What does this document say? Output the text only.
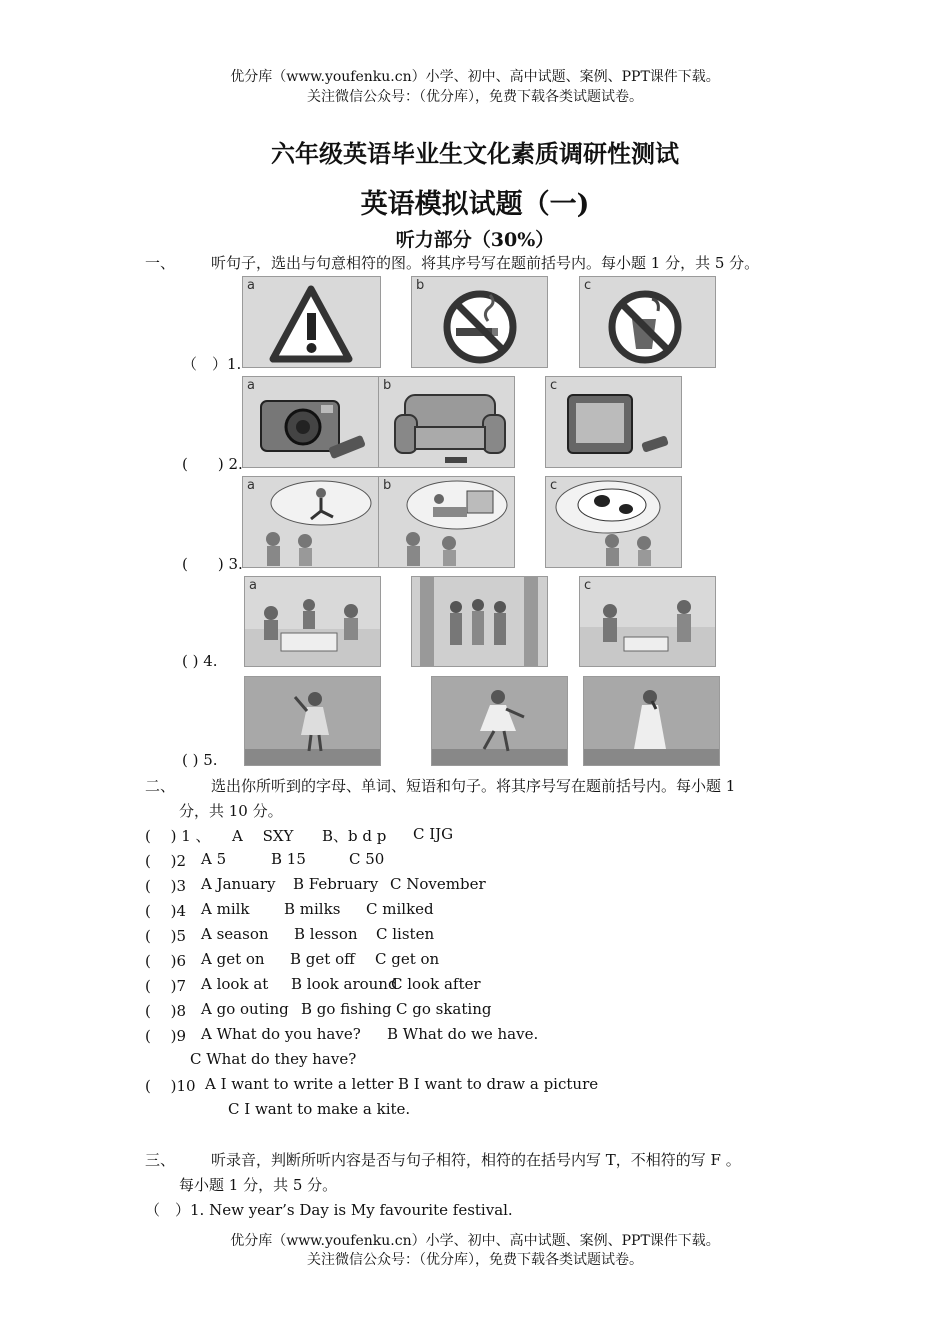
优分库（www.youfenku.cn）小学、初中、高中试题、案例、PPT课件下载。
关注微信公众号：（优分库），免费下载各类试题试卷。
六年级英语毕业生文化素质调研性测试
英语模拟试题（一)
听力部分（30%）
一、 听句子，选出与句意相符的图。将其序号写在题前括号内。每小题 1 分，共 5 分。
a	b	c
（　）1.
a	b	c
(　　) 2.
a	b	c
(　　) 3.
a	c
( ) 4.
( ) 5.
二、 选出你所听到的字母、单词、短语和句子。将其序号写在题前括号内。每小题 1
分，共 10 分。
(　 ) 1 、 A　 SXY B、b d p C IJG
(　 )2 A 5	B 15	C 50
(　 )3 A January B February C November
(　 )4 A milk B milks C milked
(　 )5 A season B lesson C listen
(　 )6 A get on B get off C get on
(　 )7 A look at B look around
C look after
(　 )8 A go outing B go fishing C go skating
(　 )9 A What do you have? B What do we have.
C What do they have?
(　 )10 A I want to write a letter B I want to draw a picture
C I want to make a kite.
三、 听录音，判断所听内容是否与句子相符，相符的在括号内写 T，不相符的写 F 。
每小题 1 分，共 5 分。
（　）1. New year’s Day is My favourite festival.
优分库（www.youfenku.cn）小学、初中、高中试题、案例、PPT课件下载。
关注微信公众号：（优分库），免费下载各类试题试卷。
